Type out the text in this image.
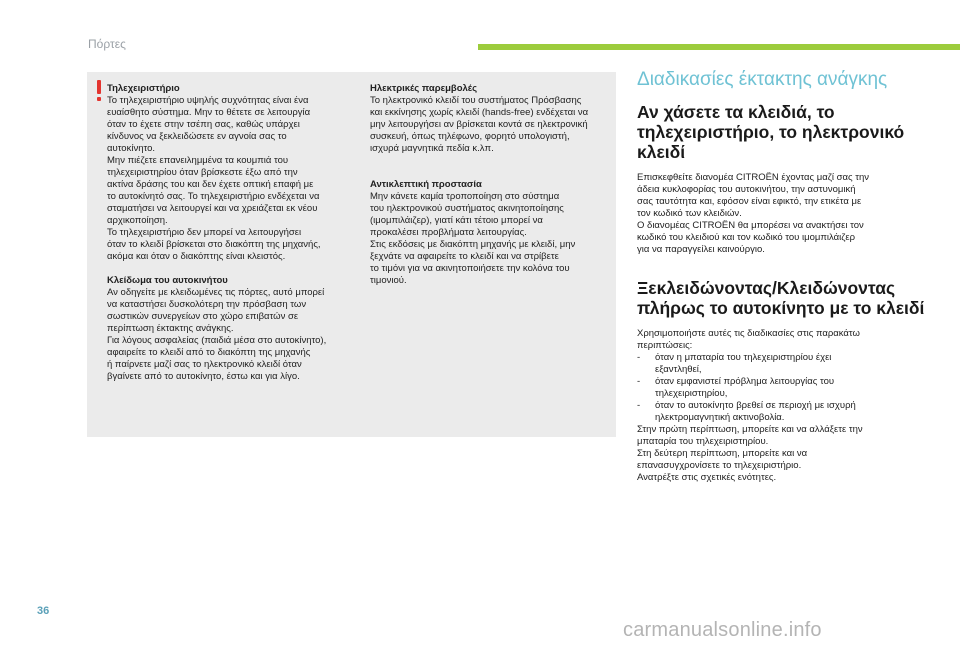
Πόρτες
Τηλεχειριστήριο
Το τηλεχειριστήριο υψηλής συχνότητας είναι ένα
ευαίσθητο σύστημα. Μην το θέτετε σε λειτουργία
όταν το έχετε στην τσέπη σας, καθώς υπάρχει
κίνδυνος να ξεκλειδώσετε εν αγνοία σας το
αυτοκίνητο.
Μην πιέζετε επανειλημμένα τα κουμπιά του
τηλεχειριστηρίου όταν βρίσκεστε έξω από την
ακτίνα δράσης του και δεν έχετε οπτική επαφή με
το αυτοκίνητό σας. Το τηλεχειριστήριο ενδέχεται να
σταματήσει να λειτουργεί και να χρειάζεται εκ νέου
αρχικοποίηση.
Το τηλεχειριστήριο δεν μπορεί να λειτουργήσει
όταν το κλειδί βρίσκεται στο διακόπτη της μηχανής,
ακόμα και όταν ο διακόπτης είναι κλειστός.
Κλείδωμα του αυτοκινήτου
Αν οδηγείτε με κλειδωμένες τις πόρτες, αυτό μπορεί
να καταστήσει δυσκολότερη την πρόσβαση των
σωστικών συνεργείων στο χώρο επιβατών σε
περίπτωση έκτακτης ανάγκης.
Για λόγους ασφαλείας (παιδιά μέσα στο αυτοκίνητο),
αφαιρείτε το κλειδί από το διακόπτη της μηχανής
ή παίρνετε μαζί σας το ηλεκτρονικό κλειδί όταν
βγαίνετε από το αυτοκίνητο, έστω και για λίγο.
Ηλεκτρικές παρεμβολές
Το ηλεκτρονικό κλειδί του συστήματος Πρόσβασης
και εκκίνησης χωρίς κλειδί (hands-free) ενδέχεται να
μην λειτουργήσει αν βρίσκεται κοντά σε ηλεκτρονική
συσκευή, όπως τηλέφωνο, φορητό υπολογιστή,
ισχυρά μαγνητικά πεδία κ.λπ.
Αντικλεπτική προστασία
Μην κάνετε καμία τροποποίηση στο σύστημα
του ηλεκτρονικού συστήματος ακινητοποίησης
(ιμομπιλάιζερ), γιατί κάτι τέτοιο μπορεί να
προκαλέσει προβλήματα λειτουργίας.
Στις εκδόσεις με διακόπτη μηχανής με κλειδί, μην
ξεχνάτε να αφαιρείτε το κλειδί και να στρίβετε
το τιμόνι για να ακινητοποιήσετε την κολόνα του
τιμονιού.
Διαδικασίες έκτακτης ανάγκης
Αν χάσετε τα κλειδιά, το
τηλεχειριστήριο, το ηλεκτρονικό
κλειδί
Επισκεφθείτε διανομέα CITROËN έχοντας μαζί σας την
άδεια κυκλοφορίας του αυτοκινήτου, την αστυνομική
σας ταυτότητα και, εφόσον είναι εφικτό, την ετικέτα με
τον κωδικό των κλειδιών.
Ο διανομέας CITROËN θα μπορέσει να ανακτήσει τον
κωδικό του κλειδιού και τον κωδικό του ιμομπιλάιζερ
για να παραγγείλει καινούργιο.
Ξεκλειδώνοντας/Κλειδώνοντας
πλήρως το αυτοκίνητο με το κλειδί
Χρησιμοποιήστε αυτές τις διαδικασίες στις παρακάτω
περιπτώσεις:
-	όταν η μπαταρία του τηλεχειριστηρίου έχει
εξαντληθεί,
-	όταν εμφανιστεί πρόβλημα λειτουργίας του
τηλεχειριστηρίου,
-	όταν το αυτοκίνητο βρεθεί σε περιοχή με ισχυρή
ηλεκτρομαγνητική ακτινοβολία.
Στην πρώτη περίπτωση, μπορείτε και να αλλάξετε την
μπαταρία του τηλεχειριστηρίου.
Στη δεύτερη περίπτωση, μπορείτε και να
επανασυγχρονίσετε το τηλεχειριστήριο.
Ανατρέξτε στις σχετικές ενότητες.
36
carmanualsonline.info
